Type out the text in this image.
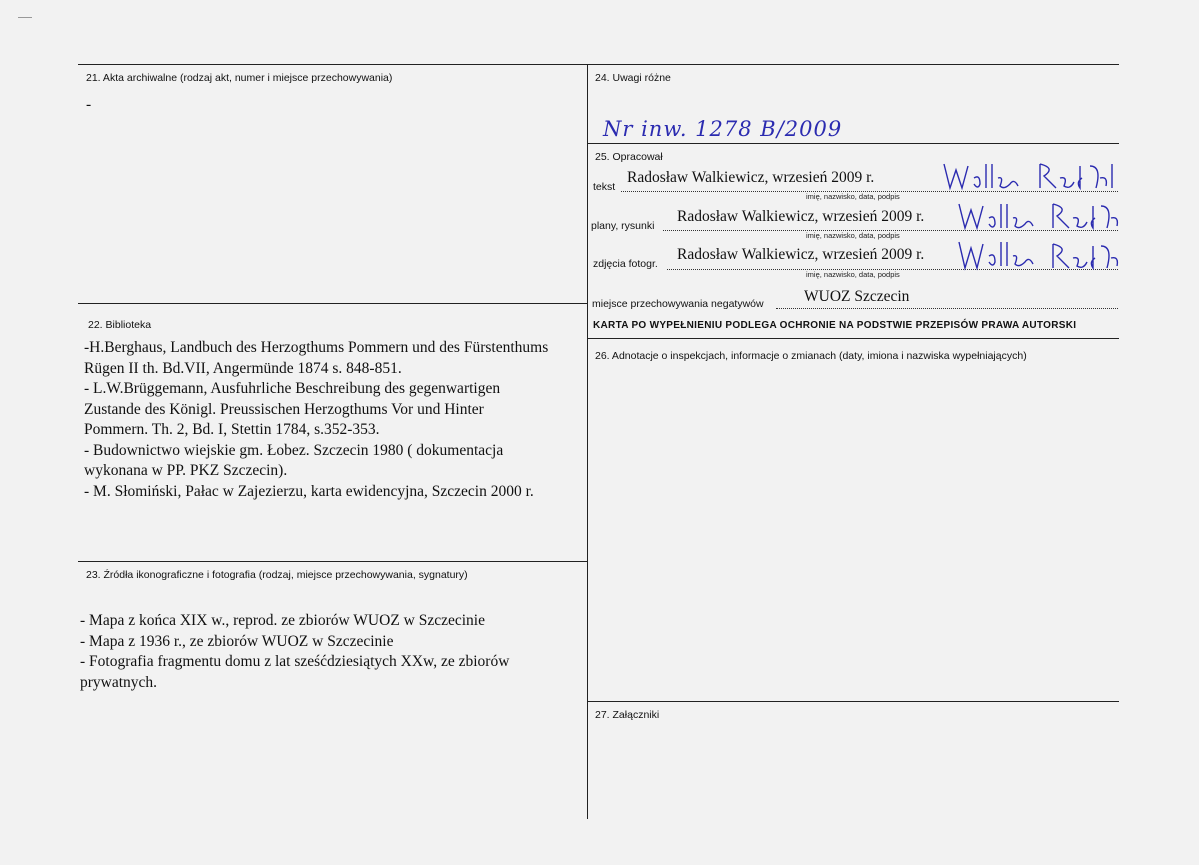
21. Akta archiwalne (rodzaj akt, numer i miejsce przechowywania)
-
22. Biblioteka
-H.Berghaus, Landbuch des Herzogthums Pommern und des Fürstenthums
Rügen II th. Bd.VII, Angermünde 1874 s. 848-851.
- L.W.Brüggemann, Ausfuhrliche Beschreibung des gegenwartigen
Zustande des Königl. Preussischen Herzogthums Vor und Hinter
Pommern. Th. 2, Bd. I, Stettin 1784, s.352-353.
- Budownictwo wiejskie gm. Łobez. Szczecin 1980 ( dokumentacja
wykonana w PP. PKZ Szczecin).
- M. Słomiński, Pałac w Zajezierzu, karta ewidencyjna, Szczecin 2000 r.
23. Źródła ikonograficzne i fotografia (rodzaj, miejsce przechowywania, sygnatury)
- Mapa z końca XIX w., reprod. ze zbiorów WUOZ w Szczecinie
- Mapa z 1936 r., ze zbiorów WUOZ w Szczecinie
- Fotografia fragmentu domu z lat sześćdziesiątych XXw, ze zbiorów
prywatnych.
24. Uwagi różne
Nr inw. 1278 B/2009
25. Opracował
tekst
Radosław Walkiewicz, wrzesień 2009 r.
imię, nazwisko, data, podpis
plany, rysunki
Radosław Walkiewicz, wrzesień 2009 r.
imię, nazwisko, data, podpis
zdjęcia fotogr.
Radosław Walkiewicz, wrzesień 2009 r.
imię, nazwisko, data, podpis
miejsce przechowywania negatywów	WUOZ Szczecin
KARTA PO WYPEŁNIENIU PODLEGA OCHRONIE NA PODSTWIE PRZEPISÓW PRAWA AUTORSKI
26. Adnotacje o inspekcjach, informacje o zmianach (daty, imiona i nazwiska wypełniających)
27. Załączniki
